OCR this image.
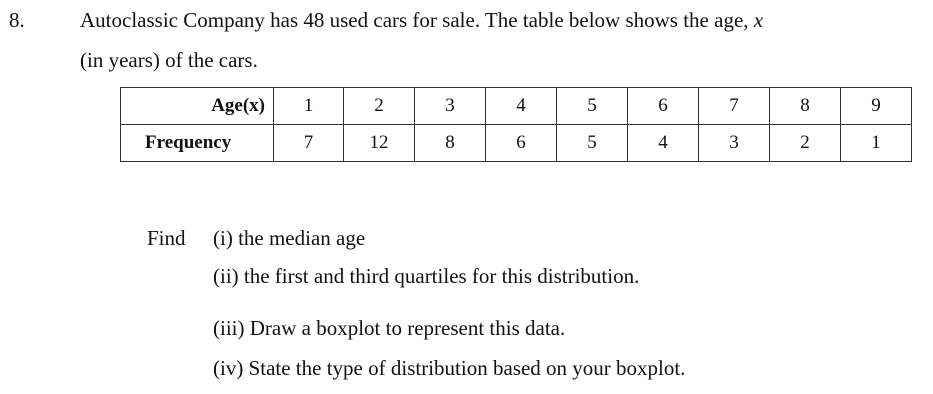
8.	Autoclassic Company has 48 used cars for sale. The table below shows the age, x
(in years) of the cars.
Age(x)	1	2	3	4	5	6	7	8	9
Frequency	7	12	8	6	5	4	3	2	1
Find (i) the median age
(ii) the first and third quartiles for this distribution.
(iii) Draw a boxplot to represent this data.
(iv) State the type of distribution based on your boxplot.
